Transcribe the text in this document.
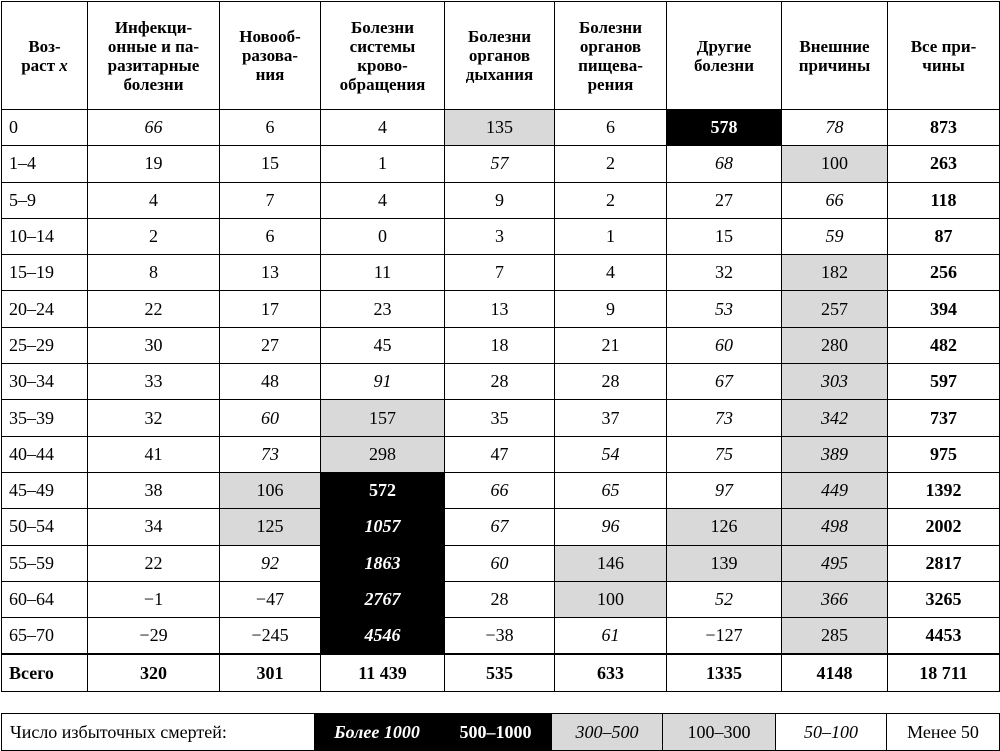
Воз-
раст x	Инфекци-
онные и па-
разитарные
болезни	Новооб-
разова-
ния	Болезни
системы
крово-
обращения	Болезни
органов
дыхания	Болезни
органов
пищева-
рения	Другие
болезни	Внешние
причины	Все при-
чины
0	66	6	4	135	6	578	78	873
1–4	19	15	1	57	2	68	100	263
5–9	4	7	4	9	2	27	66	118
10–14	2	6	0	3	1	15	59	87
15–19	8	13	11	7	4	32	182	256
20–24	22	17	23	13	9	53	257	394
25–29	30	27	45	18	21	60	280	482
30–34	33	48	91	28	28	67	303	597
35–39	32	60	157	35	37	73	342	737
40–44	41	73	298	47	54	75	389	975
45–49	38	106	572	66	65	97	449	1392
50–54	34	125	1057	67	96	126	498	2002
55–59	22	92	1863	60	146	139	495	2817
60–64	−1	−47	2767	28	100	52	366	3265
65–70	−29	−245	4546	−38	61	−127	285	4453
Всего	320	301	11 439	535	633	1335	4148	18 711
Число избыточных смертей:	Более 1000	500–1000	300–500	100–300	50–100	Менее 50
